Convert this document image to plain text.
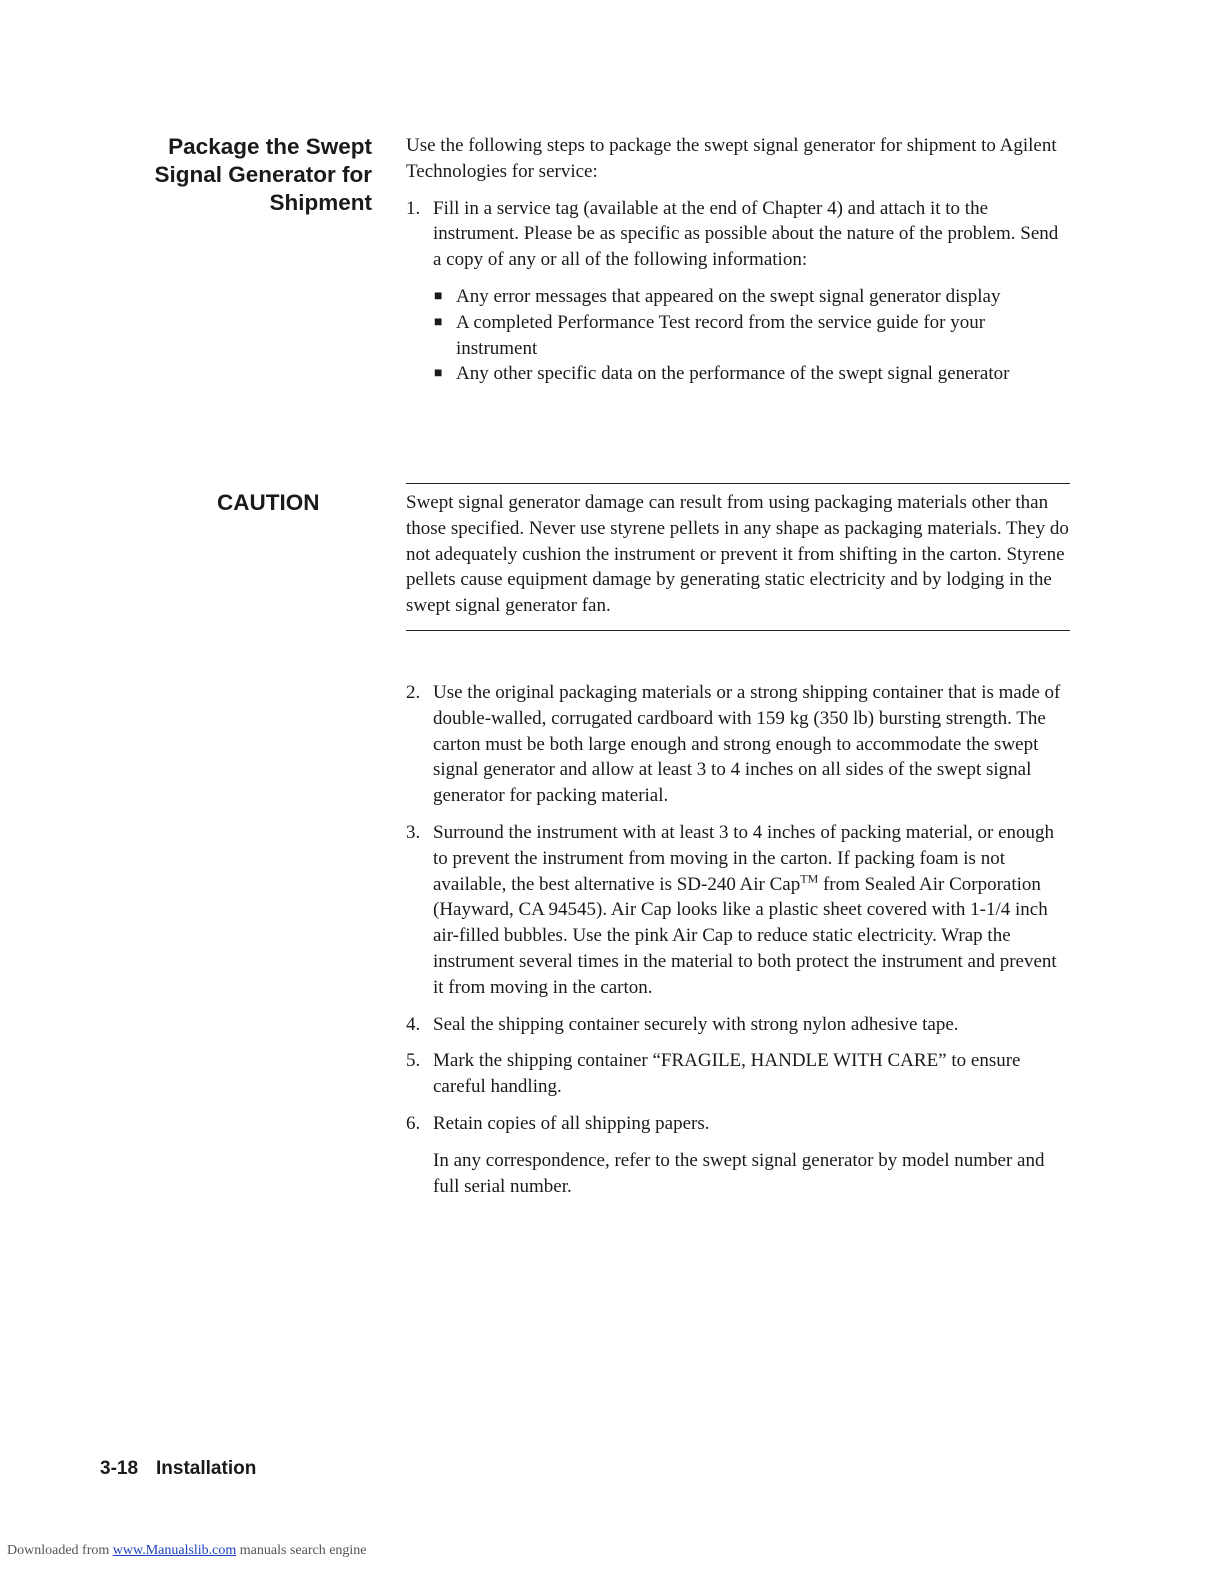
Package the Swept
Signal Generator for
Shipment

Use the following steps to package the swept signal generator for shipment to Agilent Technologies for service:

1. Fill in a service tag (available at the end of Chapter 4) and attach it to the instrument. Please be as specific as possible about the nature of the problem. Send a copy of any or all of the following information:
■ Any error messages that appeared on the swept signal generator display
■ A completed Performance Test record from the service guide for your instrument
■ Any other specific data on the performance of the swept signal generator
CAUTION	Swept signal generator damage can result from using packaging materials other than those specified. Never use styrene pellets in any shape as packaging materials. They do not adequately cushion the instrument or prevent it from shifting in the carton. Styrene pellets cause equipment damage by generating static electricity and by lodging in the swept signal generator fan.
2. Use the original packaging materials or a strong shipping container that is made of double-walled, corrugated cardboard with 159 kg (350 lb) bursting strength. The carton must be both large enough and strong enough to accommodate the swept signal generator and allow at least 3 to 4 inches on all sides of the swept signal generator for packing material.
3. Surround the instrument with at least 3 to 4 inches of packing material, or enough to prevent the instrument from moving in the carton. If packing foam is not available, the best alternative is SD-240 Air Cap™ from Sealed Air Corporation (Hayward, CA 94545). Air Cap looks like a plastic sheet covered with 1-1/4 inch air-filled bubbles. Use the pink Air Cap to reduce static electricity. Wrap the instrument several times in the material to both protect the instrument and prevent it from moving in the carton.
4. Seal the shipping container securely with strong nylon adhesive tape.
5. Mark the shipping container “FRAGILE, HANDLE WITH CARE” to ensure careful handling.
6. Retain copies of all shipping papers.

In any correspondence, refer to the swept signal generator by model number and full serial number.

3-18 Installation
Downloaded from www.Manualslib.com manuals search engine
